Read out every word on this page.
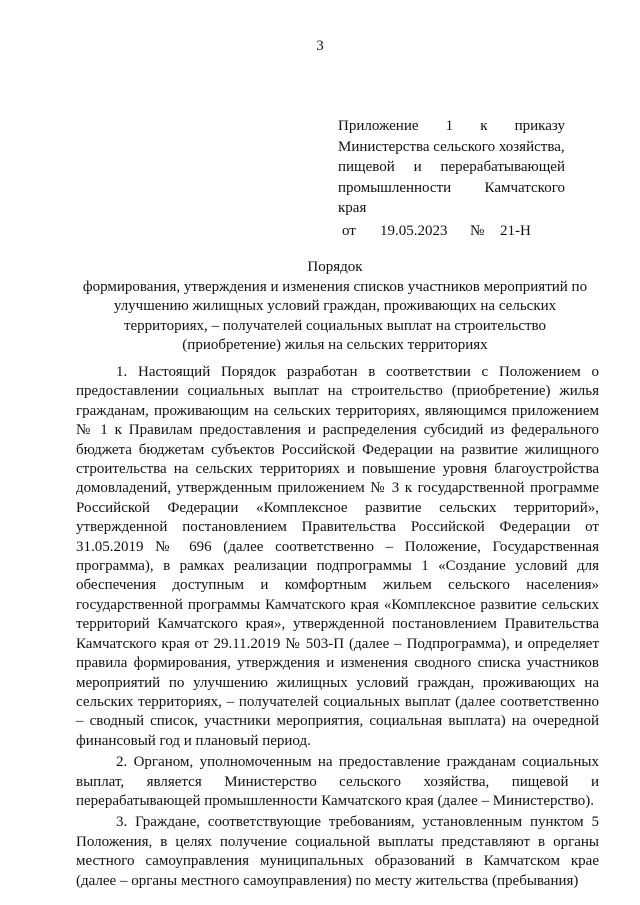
3
Приложение 1 к приказу
Министерства сельского хозяйства,
пищевой и перерабатывающей
промышленности Камчатского
края
от	19.05.2023	№	21-Н
Порядок
формирования, утверждения и изменения списков участников мероприятий по
улучшению жилищных условий граждан, проживающих на сельских
территориях, – получателей социальных выплат на строительство
(приобретение) жилья на сельских территориях

1. Настоящий Порядок разработан в соответствии с Положением о предоставлении социальных выплат на строительство (приобретение) жилья гражданам, проживающим на сельских территориях, являющимся приложением № 1 к Правилам предоставления и распределения субсидий из федерального бюджета бюджетам субъектов Российской Федерации на развитие жилищного строительства на сельских территориях и повышение уровня благоустройства домовладений, утвержденным приложением № 3 к государственной программе Российской Федерации «Комплексное развитие сельских территорий», утвержденной постановлением Правительства Российской Федерации от 31.05.2019 № 696 (далее соответственно – Положение, Государственная программа), в рамках реализации подпрограммы 1 «Создание условий для обеспечения доступным и комфортным жильем сельского населения» государственной программы Камчатского края «Комплексное развитие сельских территорий Камчатского края», утвержденной постановлением Правительства Камчатского края от 29.11.2019 № 503-П (далее – Подпрограмма), и определяет правила формирования, утверждения и изменения сводного списка участников мероприятий по улучшению жилищных условий граждан, проживающих на сельских территориях, – получателей социальных выплат (далее соответственно – сводный список, участники мероприятия, социальная выплата) на очередной финансовый год и плановый период.

2. Органом, уполномоченным на предоставление гражданам социальных выплат, является Министерство сельского хозяйства, пищевой и перерабатывающей промышленности Камчатского края (далее – Министерство).

3. Граждане, соответствующие требованиям, установленным пунктом 5 Положения, в целях получение социальной выплаты представляют в органы местного самоуправления муниципальных образований в Камчатском крае (далее – органы местного самоуправления) по месту жительства (пребывания)
